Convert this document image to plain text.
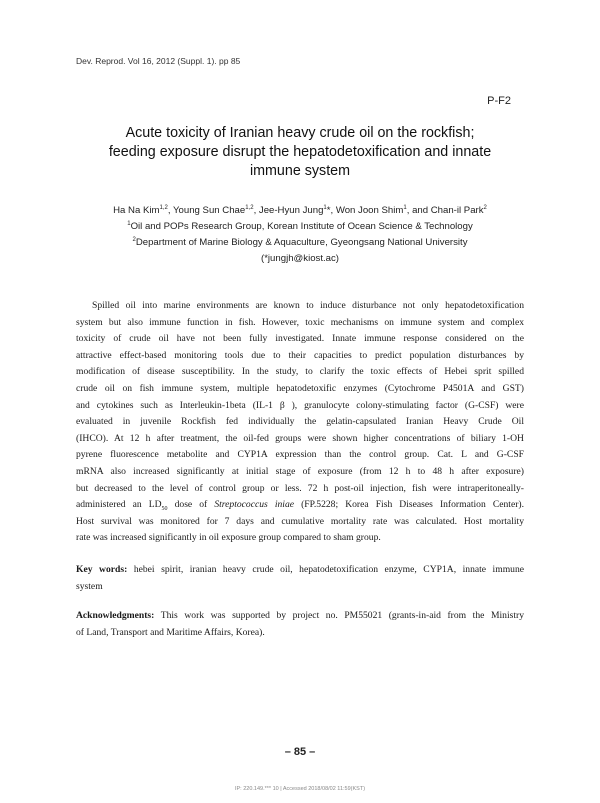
Dev. Reprod. Vol 16, 2012 (Suppl. 1). pp 85
P-F2
Acute toxicity of Iranian heavy crude oil on the rockfish;
feeding exposure disrupt the hepatodetoxification and innate
immune system
Ha Na Kim$^{1,2}$, Young Sun Chae$^{1,2}$, Jee-Hyun Jung$^1$*, Won Joon Shim$^1$, and Chan-il Park$^2$
$^1$Oil and POPs Research Group, Korean Institute of Ocean Science & Technology
$^2$Department of Marine Biology & Aquaculture, Gyeongsang National University
(*jungjh@kiost.ac)
Spilled oil into marine environments are known to induce disturbance not only hepatodetoxification
system but also immune function in fish. However, toxic mechanisms on immune system and complex
toxicity of crude oil have not been fully investigated. Innate immune response considered on the
attractive effect-based monitoring tools due to their capacities to predict population disturbances by
modification of disease susceptibility. In the study, to clarify the toxic effects of Hebei sprit spilled
crude oil on fish immune system, multiple hepatodetoxific enzymes (Cytochrome P4501A and GST)
and cytokines such as Interleukin-1beta (IL-1 β ), granulocyte colony-stimulating factor (G-CSF) were
evaluated in juvenile Rockfish fed individually the gelatin-capsulated Iranian Heavy Crude Oil
(IHCO). At 12 h after treatment, the oil-fed groups were shown higher concentrations of biliary 1-OH
pyrene fluorescence metabolite and CYP1A expression than the control group. Cat. L and G-CSF
mRNA also increased significantly at initial stage of exposure (from 12 h to 48 h after exposure)
but decreased to the level of control group or less. 72 h post-oil injection, fish were intraperitoneally-
administered an $LD_{50}$ dose of Streptococcus iniae (FP.5228; Korea Fish Diseases Information Center).
Host survival was monitored for 7 days and cumulative mortality rate was calculated. Host mortality
rate was increased significantly in oil exposure group compared to sham group.
Key words: hebei spirit, iranian heavy crude oil, hepatodetoxification enzyme, CYP1A, innate immune
system
Acknowledgments: This work was supported by project no. PM55021 (grants-in-aid from the Ministry
of Land, Transport and Maritime Affairs, Korea).
– 85 –
IP: 220.149.*** 10 | Accessed 2018/08/02 11:59(KST)
